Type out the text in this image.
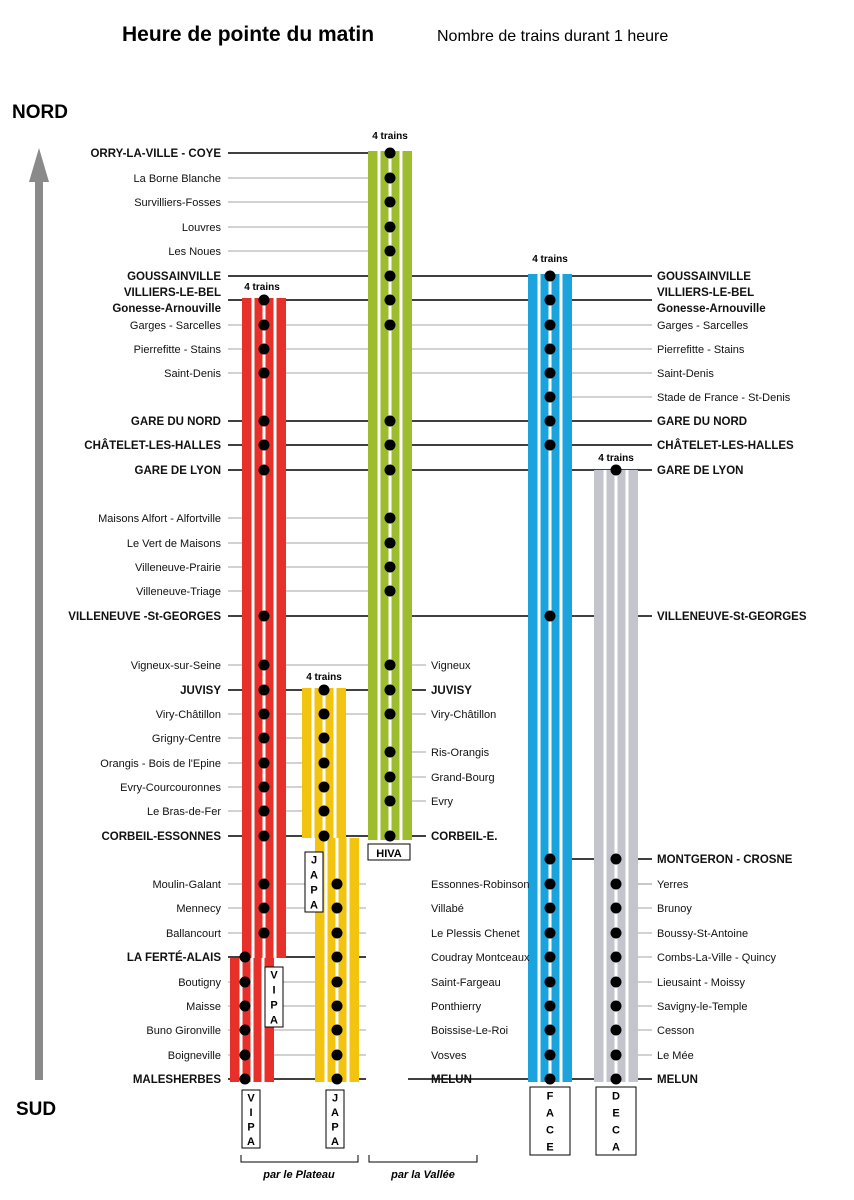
Heure de pointe du matin	Nombre de trains durant 1 heure
NORD
SUD
ORRY-LA-VILLE - COYE
La Borne Blanche
Survilliers-Fosses
Louvres
Les Noues
GOUSSAINVILLE
VILLIERS-LE-BEL
Gonesse-Arnouville
Garges - Sarcelles
Pierrefitte - Stains
Saint-Denis
GARE DU NORD
CHÂTELET-LES-HALLES
GARE DE LYON
Maisons Alfort - Alfortville
Le Vert de Maisons
Villeneuve-Prairie
Villeneuve-Triage
VILLENEUVE -St-GEORGES
Vigneux-sur-Seine
JUVISY
Viry-Châtillon
Grigny-Centre
Orangis - Bois de l'Epine
Evry-Courcouronnes
Le Bras-de-Fer
CORBEIL-ESSONNES
Moulin-Galant
Mennecy
Ballancourt
LA FERTÉ-ALAIS
Boutigny
Maisse
Buno Gironville
Boigneville
MALESHERBES
Vigneux
JUVISY
Viry-Châtillon
Ris-Orangis
Grand-Bourg
Evry
CORBEIL-E.
Essonnes-Robinson
Villabé
Le Plessis Chenet
Coudray Montceaux
Saint-Fargeau
Ponthierry
Boissise-Le-Roi
Vosves
MELUN
GOUSSAINVILLE
VILLIERS-LE-BEL
Gonesse-Arnouville
Garges - Sarcelles
Pierrefitte - Stains
Saint-Denis
Stade de France - St-Denis
GARE DU NORD
CHÂTELET-LES-HALLES
GARE DE LYON
VILLENEUVE-St-GEORGES
MONTGERON - CROSNE
Yerres
Brunoy
Boussy-St-Antoine
Combs-La-Ville - Quincy
Lieusaint - Moissy
Savigny-le-Temple
Cesson
Le Mée
MELUN
4 trains
4 trains
4 trains
4 trains
4 trains
V
I
P
A
V
I
P
A
J
A
P
A
J
A
P
A
F
A
C
E
D
E
C
A
HIVA
par le Plateau	par la Vallée
